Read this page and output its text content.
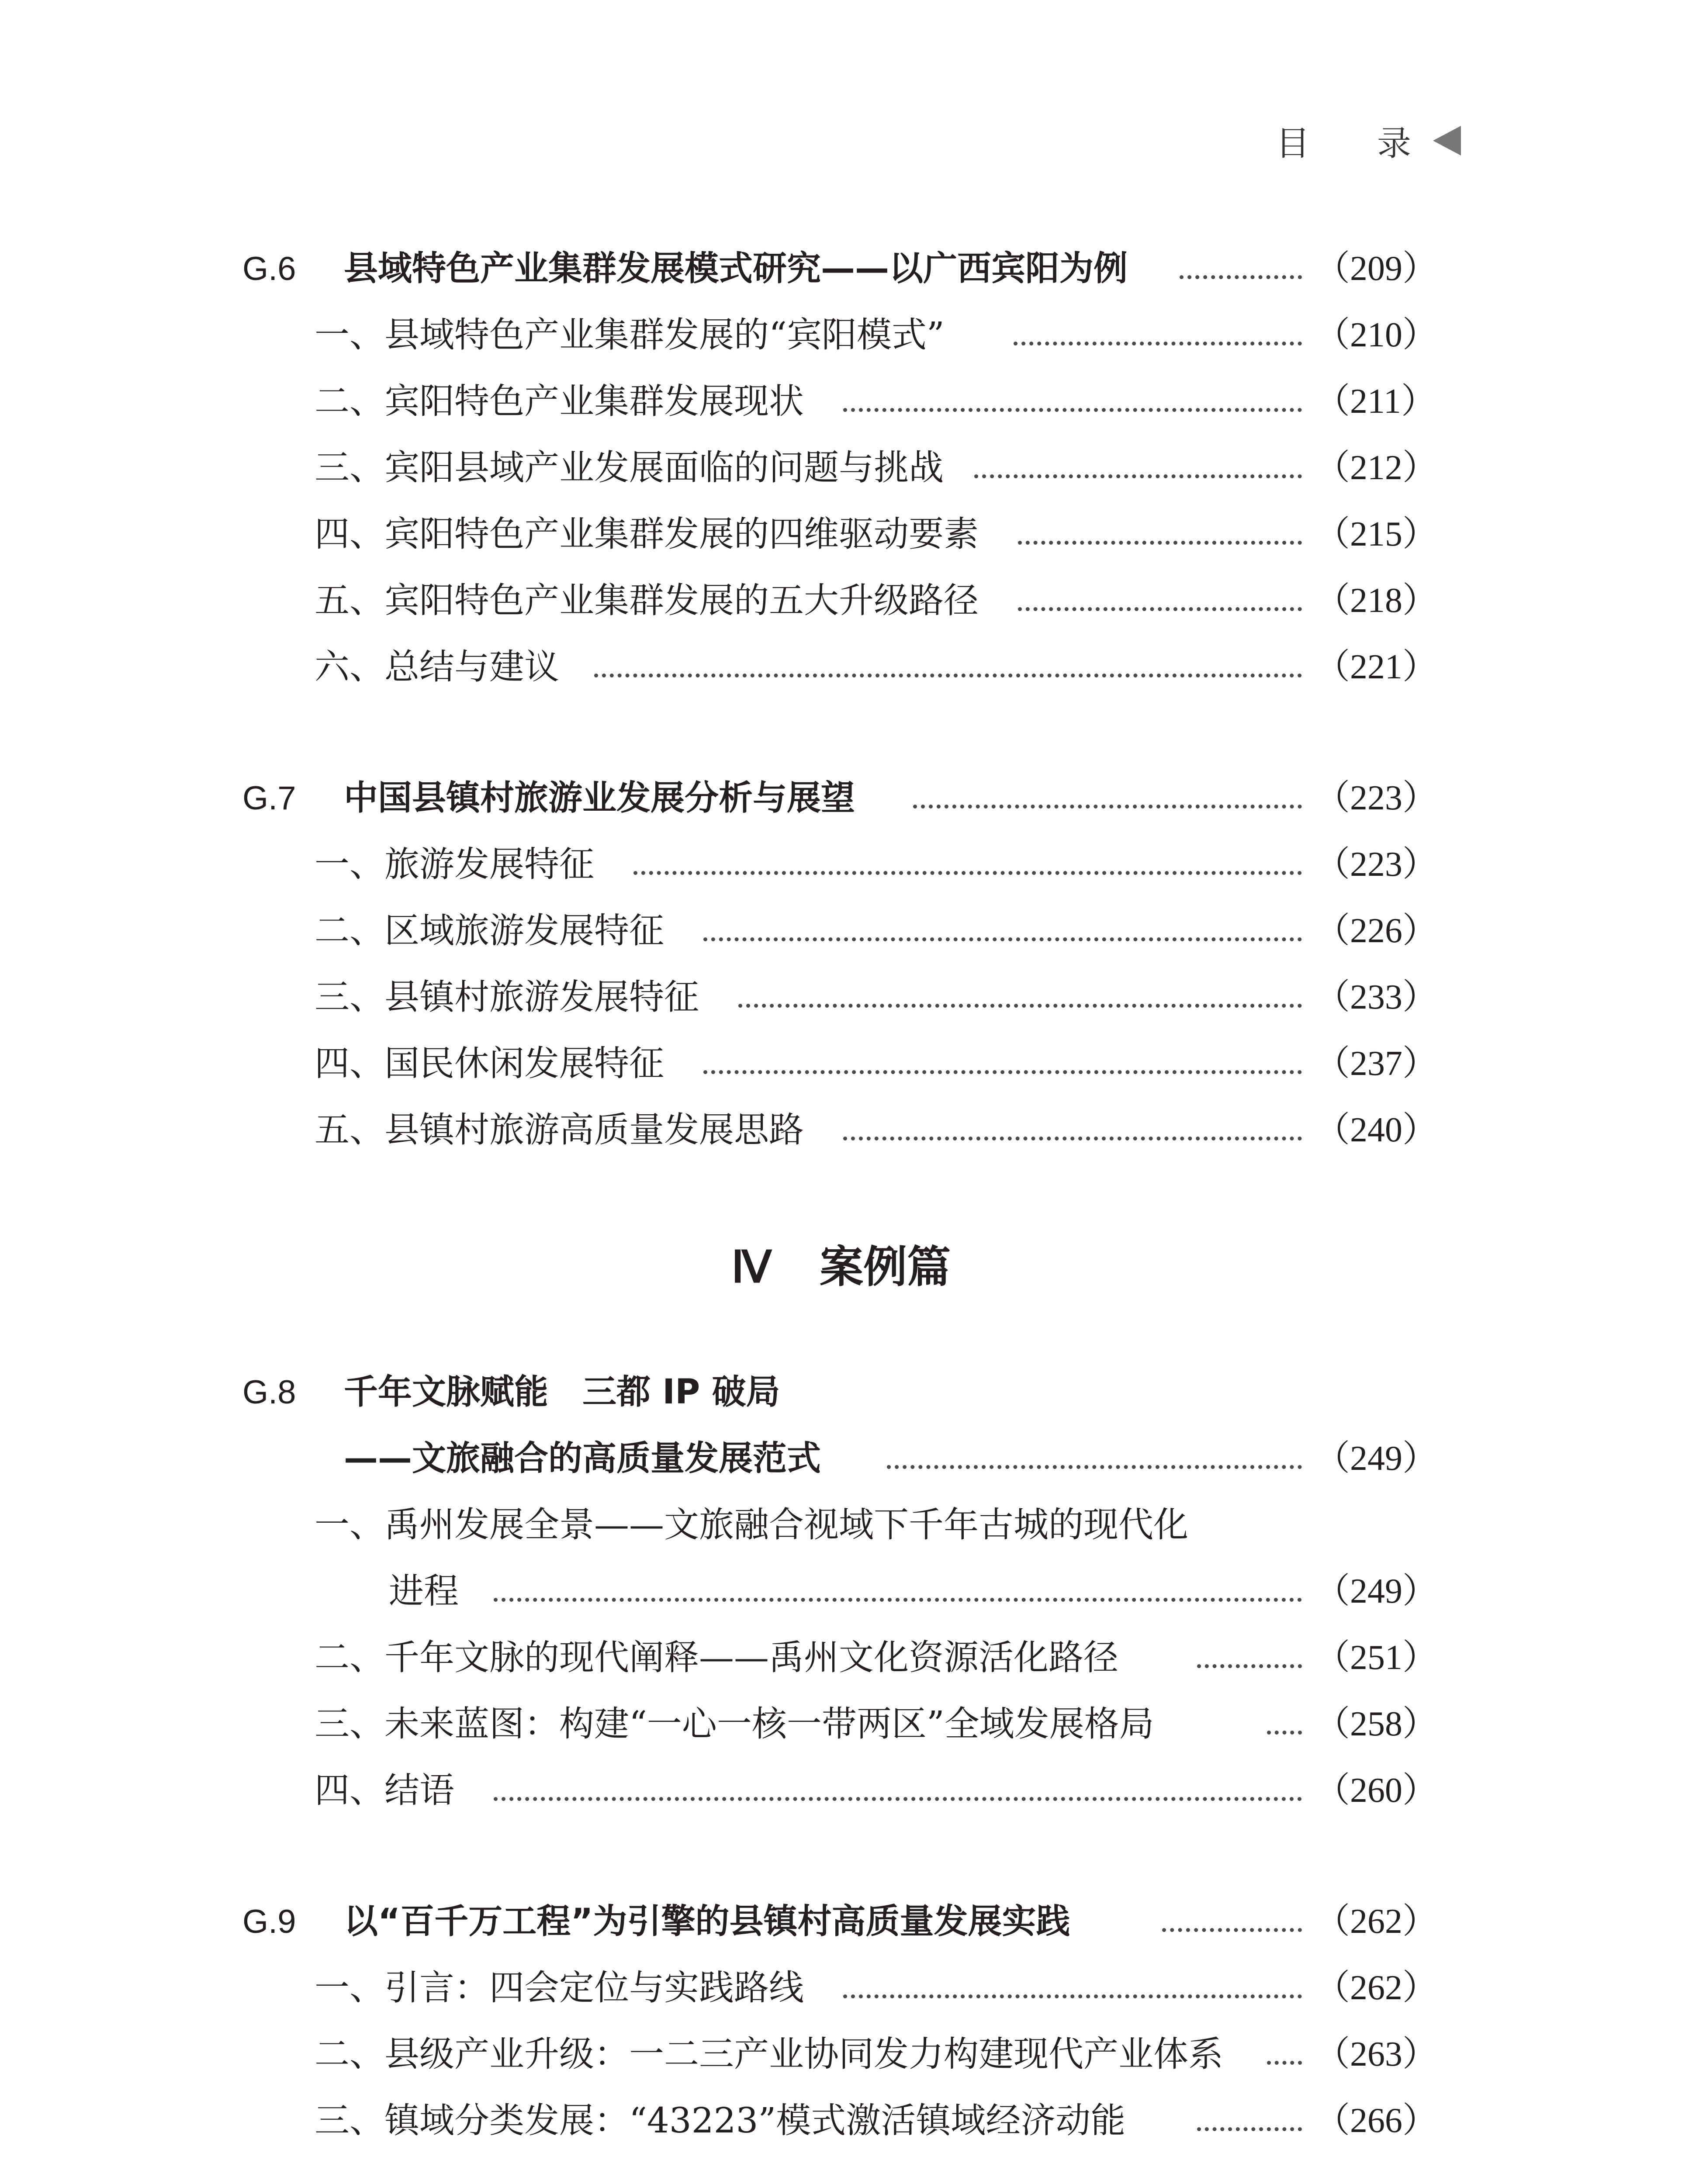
目 录
G.6 县域特色产业集群发展模式研究——以广西宾阳为例	（209）
一、县域特色产业集群发展的“宾阳模式”	（210）
二、宾阳特色产业集群发展现状	（211）
三、宾阳县域产业发展面临的问题与挑战	（212）
四、宾阳特色产业集群发展的四维驱动要素	（215）
五、宾阳特色产业集群发展的五大升级路径	（218）
六、总结与建议	（221）
G.7 中国县镇村旅游业发展分析与展望	（223）
一、旅游发展特征	（223）
二、区域旅游发展特征	（226）
三、县镇村旅游发展特征	（233）
四、国民休闲发展特征	（237）
五、县镇村旅游高质量发展思路	（240）
Ⅳ 案例篇
G.8 千年文脉赋能　三都 IP 破局
——文旅融合的高质量发展范式	（249）
一、禹州发展全景——文旅融合视域下千年古城的现代化
进程	（249）
二、千年文脉的现代阐释——禹州文化资源活化路径	（251）
三、未来蓝图：构建“一心一核一带两区”全域发展格局	（258）
四、结语	（260）
G.9 以“百千万工程”为引擎的县镇村高质量发展实践	（262）
一、引言：四会定位与实践路线	（262）
二、县级产业升级：一二三产业协同发力构建现代产业体系	（263）
三、镇域分类发展：“43223”模式激活镇域经济动能	（266）
